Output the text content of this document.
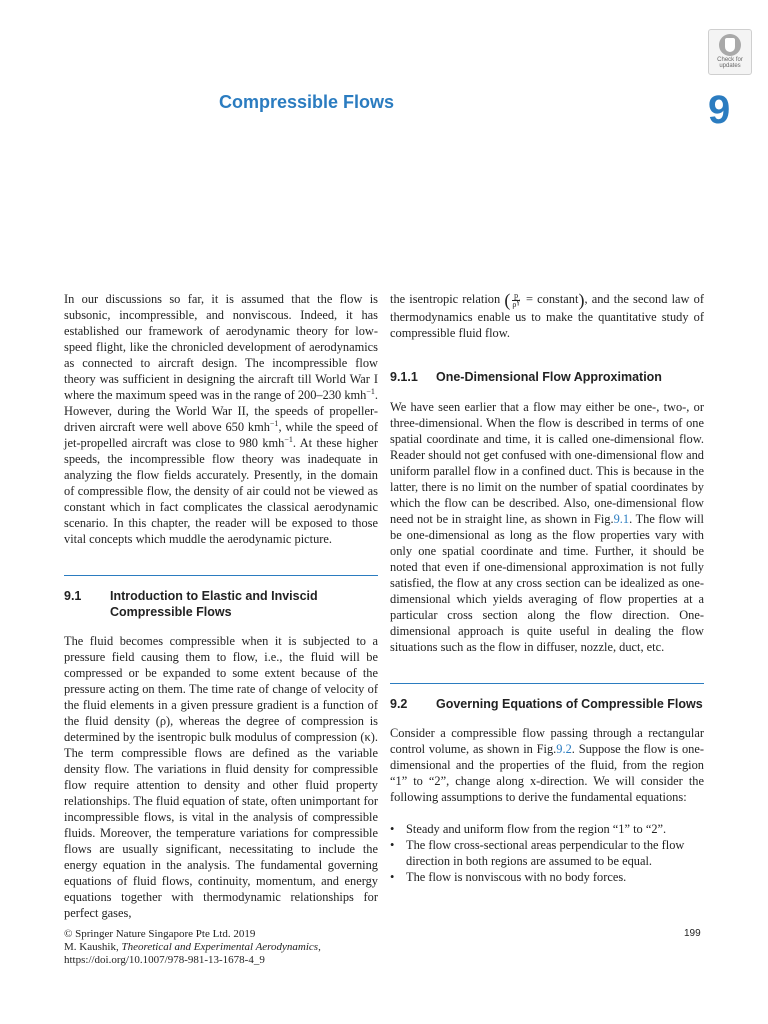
Check for
updates
Compressible Flows	9

In our discussions so far, it is assumed that the flow is subsonic, incompressible, and nonviscous. Indeed, it has established our framework of aerodynamic theory for low-speed flight, like the chronicled development of aerodynamics as connected to aircraft design. The incompressible flow theory was sufficient in designing the aircraft till World War I where the maximum speed was in the range of 200–230 kmh$^{-1}$. However, during the World War II, the speeds of propeller-driven aircraft were well above 650 kmh$^{-1}$, while the speed of jet-propelled aircraft was close to 980 kmh$^{-1}$. At these higher speeds, the incompressible flow theory was inadequate in analyzing the flow fields accurately. Presently, in the domain of compressible flow, the density of air could not be viewed as constant which in fact complicates the classical aerodynamic scenario. In this chapter, the reader will be exposed to those vital concepts which muddle the aerodynamic picture.

9.1	Introduction to Elastic and Inviscid Compressible Flows

The fluid becomes compressible when it is subjected to a pressure field causing them to flow, i.e., the fluid will be compressed or be expanded to some extent because of the pressure acting on them. The time rate of change of velocity of the fluid elements in a given pressure gradient is a function of the fluid density (ρ), whereas the degree of compression is determined by the isentropic bulk modulus of compression (κ). The term compressible flows are defined as the variable density flow. The variations in fluid density for compressible flow require attention to density and other fluid property relationships. The fluid equation of state, often unimportant for incompressible flows, is vital in the analysis of compressible fluids. Moreover, the temperature variations for compressible flows are usually significant, necessitating to include the energy equation in the analysis. The fundamental governing equations of fluid flows, continuity, momentum, and energy equations together with thermodynamic relationships for perfect gases,

the isentropic relation ( $\frac{p}{\rho^\gamma}$ = constant), and the second law of thermodynamics enable us to make the quantitative study of compressible fluid flow.

9.1.1 One-Dimensional Flow Approximation

We have seen earlier that a flow may either be one-, two-, or three-dimensional. When the flow is described in terms of one spatial coordinate and time, it is called one-dimensional flow. Reader should not get confused with one-dimensional flow and uniform parallel flow in a confined duct. This is because in the latter, there is no limit on the number of spatial coordinates by which the flow can be described. Also, one-dimensional flow need not be in straight line, as shown in Fig.9.1. The flow will be one-dimensional as long as the flow properties vary with only one spatial coordinate and time. Further, it should be noted that even if one-dimensional approximation is not fully satisfied, the flow at any cross section can be idealized as one-dimensional which yields averaging of flow properties at a particular cross section along the flow direction. One-dimensional approach is quite useful in dealing the flow situations such as the flow in diffuser, nozzle, duct, etc.

9.2	Governing Equations of Compressible Flows

Consider a compressible flow passing through a rectangular control volume, as shown in Fig.9.2. Suppose the flow is one-dimensional and the properties of the fluid, from the region “1” to “2”, change along x-direction. We will consider the following assumptions to derive the fundamental equations:

• Steady and uniform flow from the region “1” to “2”.
• The flow cross-sectional areas perpendicular to the flow direction in both regions are assumed to be equal.
• The flow is nonviscous with no body forces.
© Springer Nature Singapore Pte Ltd. 2019
M. Kaushik, Theoretical and Experimental Aerodynamics,
https://doi.org/10.1007/978-981-13-1678-4_9
199
